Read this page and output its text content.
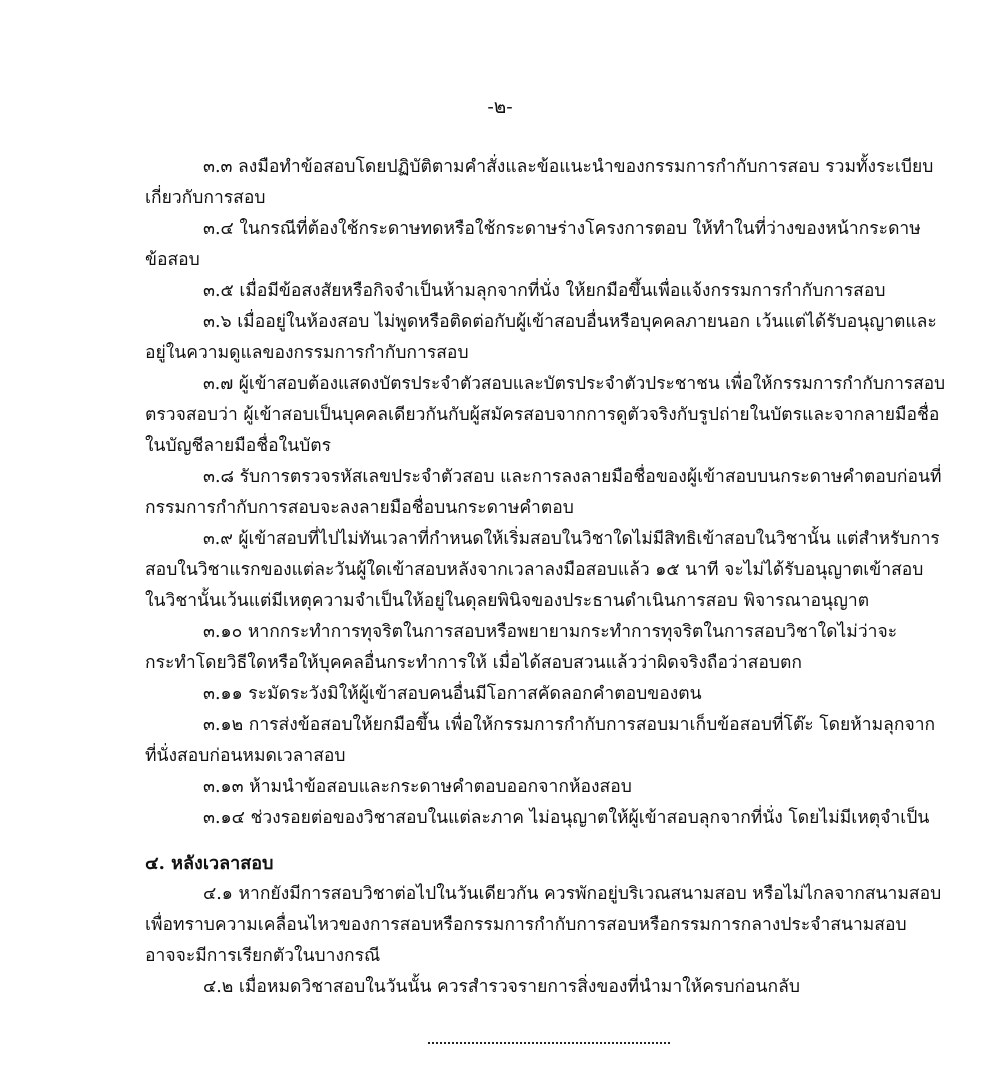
-๒-

๓.๓ ลงมือทำข้อสอบโดยปฏิบัติตามคำสั่งและข้อแนะนำของกรรมการกำกับการสอบ รวมทั้งระเบียบ
เกี่ยวกับการสอบ

๓.๔ ในกรณีที่ต้องใช้กระดาษทดหรือใช้กระดาษร่างโครงการตอบ ให้ทำในที่ว่างของหน้ากระดาษ
ข้อสอบ

๓.๕ เมื่อมีข้อสงสัยหรือกิจจำเป็นห้ามลุกจากที่นั่ง ให้ยกมือขึ้นเพื่อแจ้งกรรมการกำกับการสอบ

๓.๖ เมื่ออยู่ในห้องสอบ ไม่พูดหรือติดต่อกับผู้เข้าสอบอื่นหรือบุคคลภายนอก เว้นแต่ได้รับอนุญาตและ
อยู่ในความดูแลของกรรมการกำกับการสอบ

๓.๗ ผู้เข้าสอบต้องแสดงบัตรประจำตัวสอบและบัตรประจำตัวประชาชน เพื่อให้กรรมการกำกับการสอบ
ตรวจสอบว่า ผู้เข้าสอบเป็นบุคคลเดียวกันกับผู้สมัครสอบจากการดูตัวจริงกับรูปถ่ายในบัตรและจากลายมือชื่อ
ในบัญชีลายมือชื่อในบัตร

๓.๘ รับการตรวจรหัสเลขประจำตัวสอบ และการลงลายมือชื่อของผู้เข้าสอบบนกระดาษคำตอบก่อนที่
กรรมการกำกับการสอบจะลงลายมือชื่อบนกระดาษคำตอบ

๓.๙ ผู้เข้าสอบที่ไปไม่ทันเวลาที่กำหนดให้เริ่มสอบในวิชาใดไม่มีสิทธิเข้าสอบในวิชานั้น แต่สำหรับการ
สอบในวิชาแรกของแต่ละวันผู้ใดเข้าสอบหลังจากเวลาลงมือสอบแล้ว ๑๕ นาที จะไม่ได้รับอนุญาตเข้าสอบ
ในวิชานั้นเว้นแต่มีเหตุความจำเป็นให้อยู่ในดุลยพินิจของประธานดำเนินการสอบ พิจารณาอนุญาต

๓.๑๐ หากกระทำการทุจริตในการสอบหรือพยายามกระทำการทุจริตในการสอบวิชาใดไม่ว่าจะ
กระทำโดยวิธีใดหรือให้บุคคลอื่นกระทำการให้ เมื่อได้สอบสวนแล้วว่าผิดจริงถือว่าสอบตก

๓.๑๑ ระมัดระวังมิให้ผู้เข้าสอบคนอื่นมีโอกาสคัดลอกคำตอบของตน

๓.๑๒ การส่งข้อสอบให้ยกมือขึ้น เพื่อให้กรรมการกำกับการสอบมาเก็บข้อสอบที่โต๊ะ โดยห้ามลุกจาก
ที่นั่งสอบก่อนหมดเวลาสอบ

๓.๑๓ ห้ามนำข้อสอบและกระดาษคำตอบออกจากห้องสอบ

๓.๑๔ ช่วงรอยต่อของวิชาสอบในแต่ละภาค ไม่อนุญาตให้ผู้เข้าสอบลุกจากที่นั่ง โดยไม่มีเหตุจำเป็น

๔. หลังเวลาสอบ

๔.๑ หากยังมีการสอบวิชาต่อไปในวันเดียวกัน ควรพักอยู่บริเวณสนามสอบ หรือไม่ไกลจากสนามสอบ
เพื่อทราบความเคลื่อนไหวของการสอบหรือกรรมการกำกับการสอบหรือกรรมการกลางประจำสนามสอบ
อาจจะมีการเรียกตัวในบางกรณี

๔.๒ เมื่อหมดวิชาสอบในวันนั้น ควรสำรวจรายการสิ่งของที่นำมาให้ครบก่อนกลับ
